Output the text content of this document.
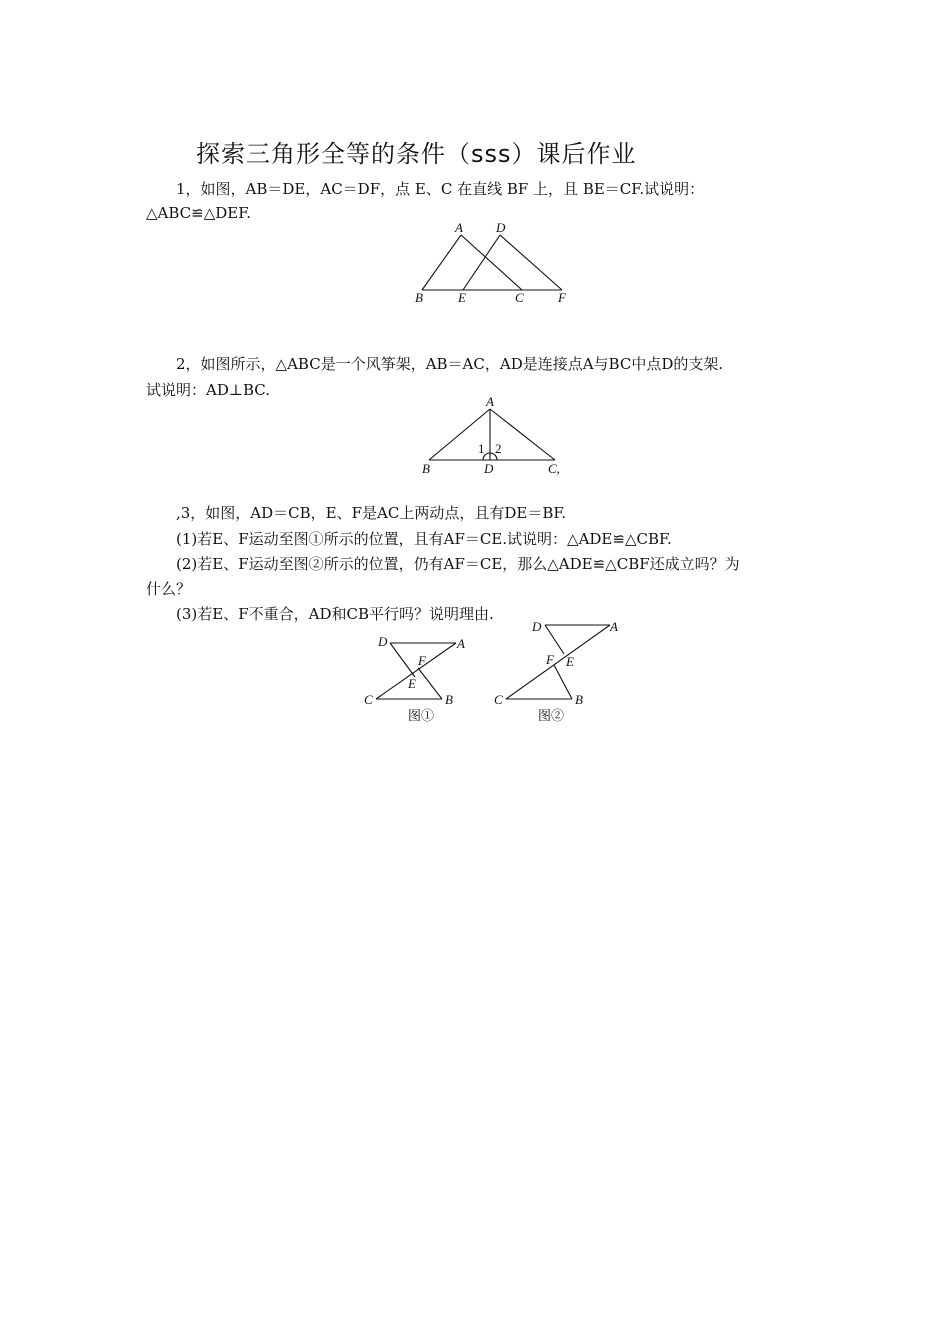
探索三角形全等的条件（sss）课后作业
1，如图，AB＝DE，AC＝DF，点 E、C 在直线 BF 上，且 BE＝CF.试说明：
△ABC≌△DEF.
A	D
B	E	C	F
2，如图所示，△ABC是一个风筝架，AB＝AC，AD是连接点A与BC中点D的支架.
试说明：AD⊥BC.
A
B	D	C,
1 2
,3，如图，AD＝CB，E、F是AC上两动点，且有DE＝BF.
(1)若E、F运动至图①所示的位置，且有AF＝CE.试说明：△ADE≌△CBF.
(2)若E、F运动至图②所示的位置，仍有AF＝CE，那么△ADE≌△CBF还成立吗？为
什么？
(3)若E、F不重合，AD和CB平行吗？说明理由.
D	A
F
E
C	B
图①
D	A
F E
C	B
图②
